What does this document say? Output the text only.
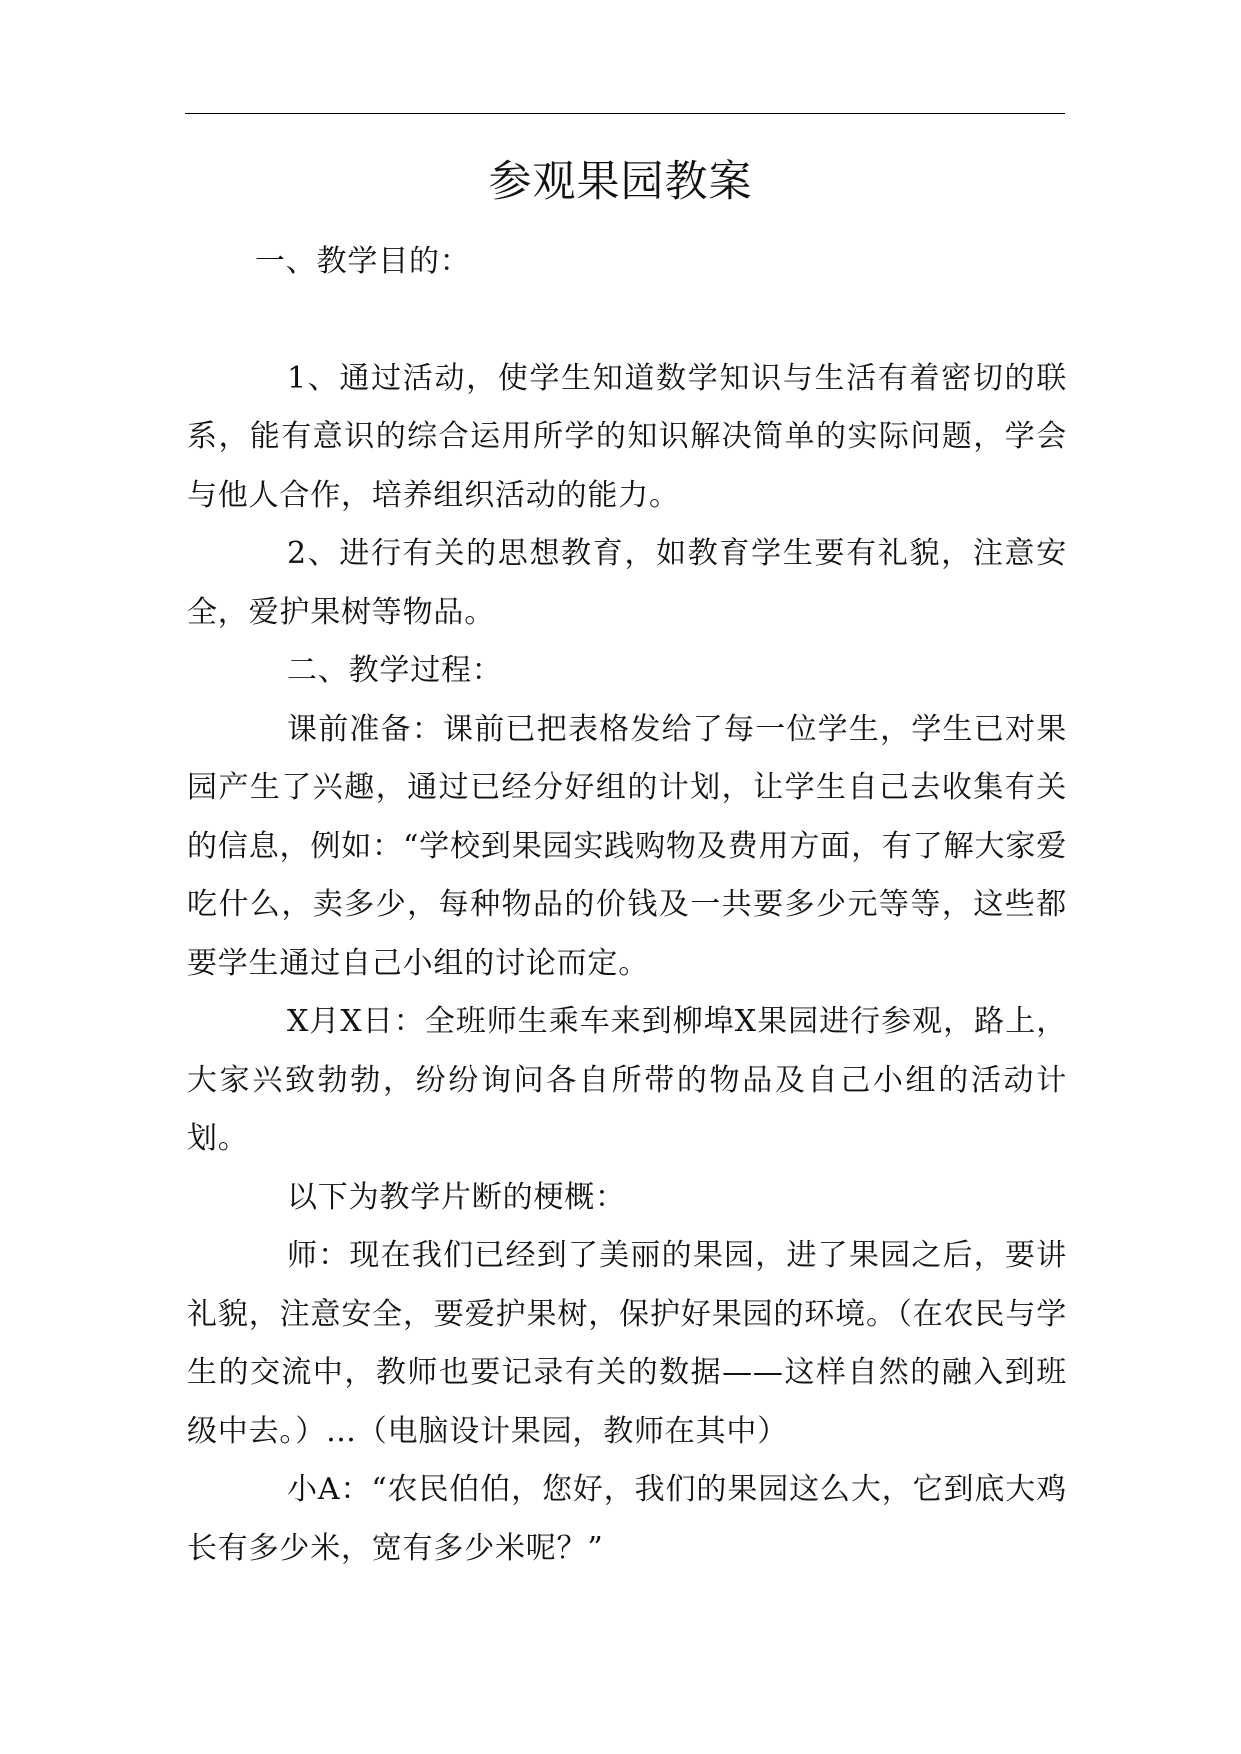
参观果园教案

一、教学目的：

1、通过活动，使学生知道数学知识与生活有着密切的联系，能有意识的综合运用所学的知识解决简单的实际问题，学会与他人合作，培养组织活动的能力。

2、进行有关的思想教育，如教育学生要有礼貌，注意安全，爱护果树等物品。

二、教学过程：

课前准备：课前已把表格发给了每一位学生，学生已对果园产生了兴趣，通过已经分好组的计划，让学生自己去收集有关的信息，例如：“学校到果园实践购物及费用方面，有了解大家爱吃什么，卖多少，每种物品的价钱及一共要多少元等等，这些都要学生通过自己小组的讨论而定。

X月X日：全班师生乘车来到柳埠X果园进行参观，路上，大家兴致勃勃，纷纷询问各自所带的物品及自己小组的活动计划。

以下为教学片断的梗概：

师：现在我们已经到了美丽的果园，进了果园之后，要讲礼貌，注意安全，要爱护果树，保护好果园的环境。（在农民与学生的交流中，教师也要记录有关的数据——这样自然的融入到班级中去。）…（电脑设计果园，教师在其中）

小A：“农民伯伯，您好，我们的果园这么大，它到底大鸡长有多少米，宽有多少米呢？”
